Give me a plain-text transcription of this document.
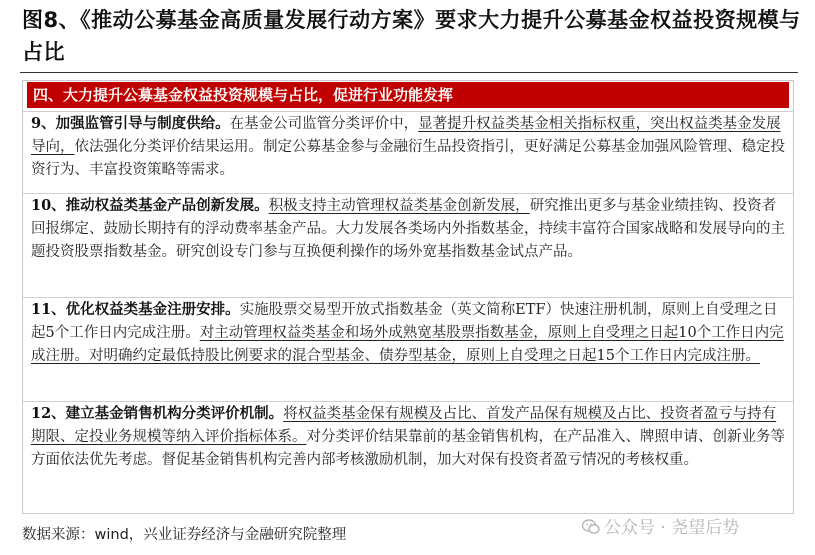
图8、《推动公募基金高质量发展行动方案》要求大力提升公募基金权益投资规模与占比
四、大力提升公募基金权益投资规模与占比，促进行业功能发挥
9、加强监管引导与制度供给。在基金公司监管分类评价中，显著提升权益类基金相关指标权重，突出权益类基金发展导向，依法强化分类评价结果运用。制定公募基金参与金融衍生品投资指引，更好满足公募基金加强风险管理、稳定投资行为、丰富投资策略等需求。
10、推动权益类基金产品创新发展。积极支持主动管理权益类基金创新发展，研究推出更多与基金业绩挂钩、投资者回报绑定、鼓励长期持有的浮动费率基金产品。大力发展各类场内外指数基金，持续丰富符合国家战略和发展导向的主题投资股票指数基金。研究创设专门参与互换便利操作的场外宽基指数基金试点产品。
11、优化权益类基金注册安排。实施股票交易型开放式指数基金（英文简称ETF）快速注册机制，原则上自受理之日起5个工作日内完成注册。对主动管理权益类基金和场外成熟宽基股票指数基金，原则上自受理之日起10个工作日内完成注册。对明确约定最低持股比例要求的混合型基金、债券型基金，原则上自受理之日起15个工作日内完成注册。
12、建立基金销售机构分类评价机制。将权益类基金保有规模及占比、首发产品保有规模及占比、投资者盈亏与持有期限、定投业务规模等纳入评价指标体系。对分类评价结果靠前的基金销售机构，在产品准入、牌照申请、创新业务等方面依法优先考虑。督促基金销售机构完善内部考核激励机制，加大对保有投资者盈亏情况的考核权重。
数据来源：wind，兴业证券经济与金融研究院整理	公众号 · 尧望后势
